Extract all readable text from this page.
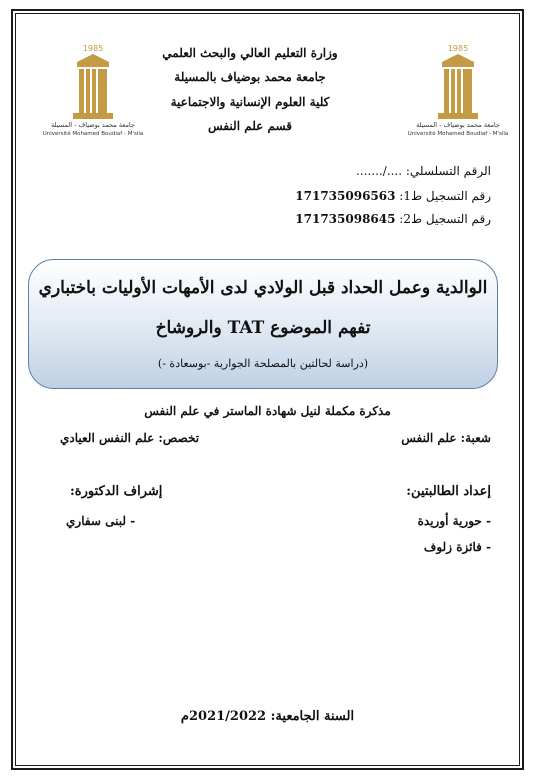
1985
جامعة محمد بوضياف - المسيلة
Université Mohamed Boudiaf - M'sila
1985
جامعة محمد بوضياف - المسيلة
Université Mohamed Boudiaf - M'sila
وزارة التعليم العالي والبحث العلمي
جامعة محمد بوضياف بالمسيلة
كلية العلوم الإنسانية والاجتماعية
قسم علم النفس
الرقم التسلسلي: ..../.......
رقم التسجيل ط1: 171735096563
رقم التسجيل ط2: 171735098645
الوالدية وعمل الحداد قبل الولادي لدى الأمهات الأوليات باختباري
تفهم الموضوع TAT والروشاخ
(دراسة لحالتين بالمصلحة الجوارية -بوسعادة -)
مذكرة مكملة لنيل شهادة الماستر في علم النفس
شعبة: علم النفس
تخصص: علم النفس العيادي
إعداد الطالبتين:
- حورية أوريدة
- فائزة زلوف
إشراف الدكتورة:
- لبنى سفاري
السنة الجامعية: 2021/2022م
